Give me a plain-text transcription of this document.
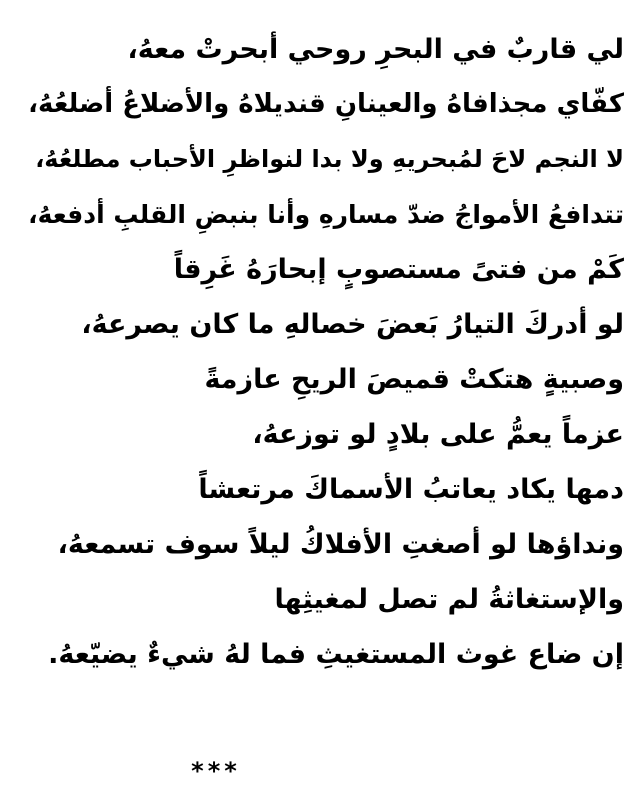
لي قاربٌ في البحرِ روحي أبحرتْ معهُ،
كفّاي مجذافاهُ والعينانِ قنديلاهُ والأضلاعُ أضلعُهُ،
لا النجم لاحَ لمُبحريهِ ولا بدا لنواظرِ الأحباب مطلعُهُ،
تتدافعُ الأمواجُ ضدّ مسارهِ وأنا بنبضِ القلبِ أدفعهُ،
كَمْ من فتىً مستصوبٍ إبحارَهُ غَرِقاً
لو أدركَ التيارُ بَعضَ خصالهِ ما كان يصرعهُ،
وصبيةٍ هتكتْ قميصَ الريحِ عازمةً
عزماً يعمُّ على بلادٍ لو توزعهُ،
دمها يكاد يعاتبُ الأسماكَ مرتعشاً
ونداؤها لو أصغتِ الأفلاكُ ليلاً سوف تسمعهُ،
والإستغاثةُ لم تصل لمغيثِها
إن ضاع غوث المستغيثِ فما لهُ شيءٌ يضيّعهُ.
***
